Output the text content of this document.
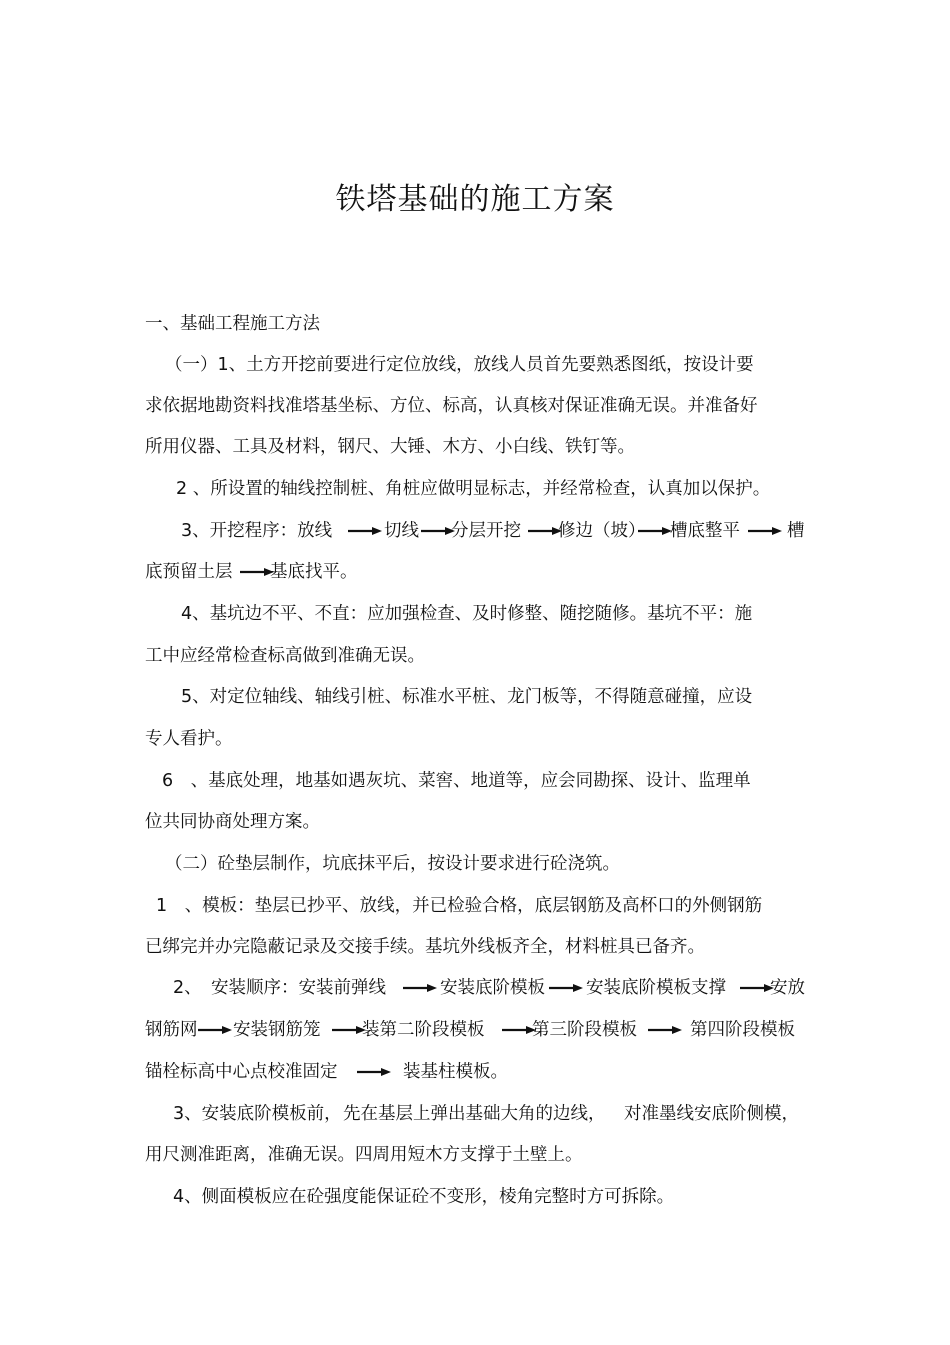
铁塔基础的施工方案
一、基础工程施工方法
（一）1、土方开挖前要进行定位放线，放线人员首先要熟悉图纸，按设计要
求依据地勘资料找准塔基坐标、方位、标高，认真核对保证准确无误。并准备好
所用仪器、工具及材料，钢尺、大锤、木方、小白线、铁钉等。
2 、所设置的轴线控制桩、角桩应做明显标志，并经常检查，认真加以保护。
3、开挖程序：放线	切线 分层开挖 修边（坡） 槽底整平	槽
底预留土层 基底找平。
4、基坑边不平、不直：应加强检查、及时修整、随挖随修。基坑不平：施
工中应经常检查标高做到准确无误。
5、对定位轴线、轴线引桩、标准水平桩、龙门板等，不得随意碰撞，应设
专人看护。
6　、基底处理，地基如遇灰坑、菜窖、地道等，应会同勘探、设计、监理单
位共同协商处理方案。
（二）砼垫层制作，坑底抹平后，按设计要求进行砼浇筑。
1　、模板：垫层已抄平、放线，并已检验合格，底层钢筋及高杯口的外侧钢筋
已绑完并办完隐蔽记录及交接手续。基坑外线板齐全，材料桩具已备齐。
2、 安装顺序：安装前弹线	安装底阶模板 安装底阶模板支撑	安放
钢筋网 安装钢筋笼 装第二阶段模板	第三阶段模板	第四阶段模板
锚栓标高中心点校准固定	装基柱模板。
3、安装底阶模板前， 先在基层上弹出基础大角的边线， 对准墨线安底阶侧模，
用尺测准距离，准确无误。四周用短木方支撑于土壁上。
4、侧面模板应在砼强度能保证砼不变形，棱角完整时方可拆除。
